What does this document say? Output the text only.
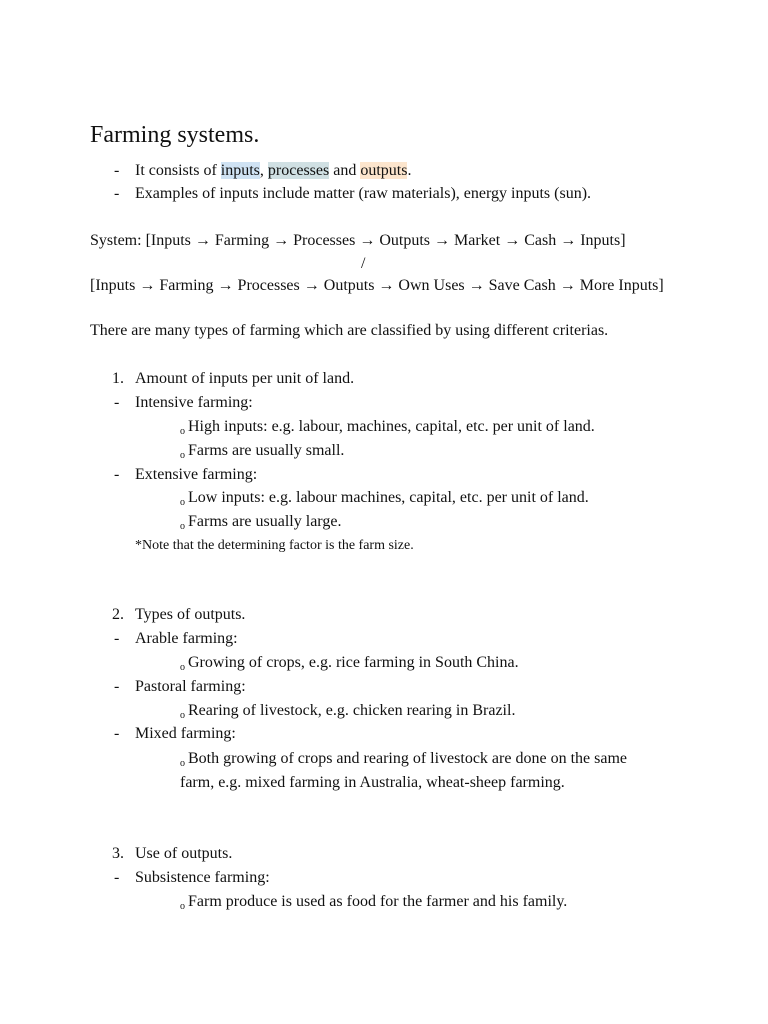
Farming systems.
- It consists of inputs, processes and outputs.
- Examples of inputs include matter (raw materials), energy inputs (sun).
System: [Inputs → Farming → Processes → Outputs → Market → Cash → Inputs]
/
[Inputs → Farming → Processes → Outputs → Own Uses → Save Cash → More Inputs]
There are many types of farming which are classified by using different criterias.
1. Amount of inputs per unit of land.
- Intensive farming:
$_o$ High inputs: e.g. labour, machines, capital, etc. per unit of land.
$_o$ Farms are usually small.
- Extensive farming:
$_o$ Low inputs: e.g. labour machines, capital, etc. per unit of land.
$_o$ Farms are usually large.
*Note that the determining factor is the farm size.
2. Types of outputs.
- Arable farming:
$_o$ Growing of crops, e.g. rice farming in South China.
- Pastoral farming:
$_o$ Rearing of livestock, e.g. chicken rearing in Brazil.
- Mixed farming:
$_o$ Both growing of crops and rearing of livestock are done on the same
farm, e.g. mixed farming in Australia, wheat-sheep farming.
3. Use of outputs.
- Subsistence farming:
$_o$ Farm produce is used as food for the farmer and his family.
